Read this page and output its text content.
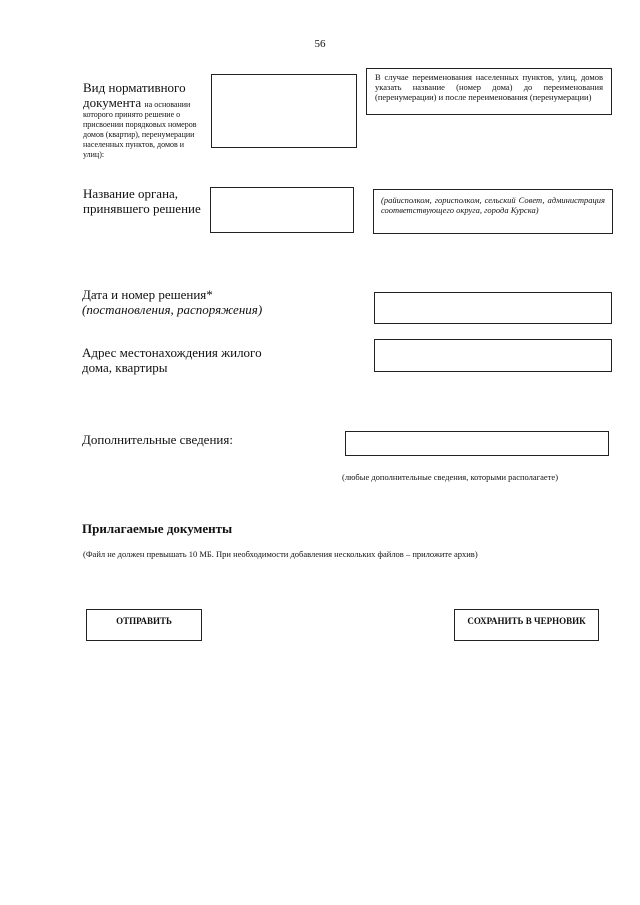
56
Вид нормативного
документа на основании
которого принято решение о присвоении порядковых номеров домов (квартир), перенумерации населенных пунктов, домов и улиц):
В случае переименования населенных пунктов, улиц, домов указать название (номер дома) до переименования (перенумерации) и после переименования (перенумерации)
Название органа,
принявшего решение
(райисполком, горисполком, сельский Совет, администрация соответствующего округа, города Курска)
Дата и номер решения*
(постановления, распоряжения)
Адрес местонахождения жилого
дома, квартиры
Дополнительные сведения:
(любые дополнительные сведения, которыми располагаете)
Прилагаемые документы
(Файл не должен превышать 10 МБ. При необходимости добавления нескольких файлов – приложите архив)
ОТПРАВИТЬ	СОХРАНИТЬ В ЧЕРНОВИК
